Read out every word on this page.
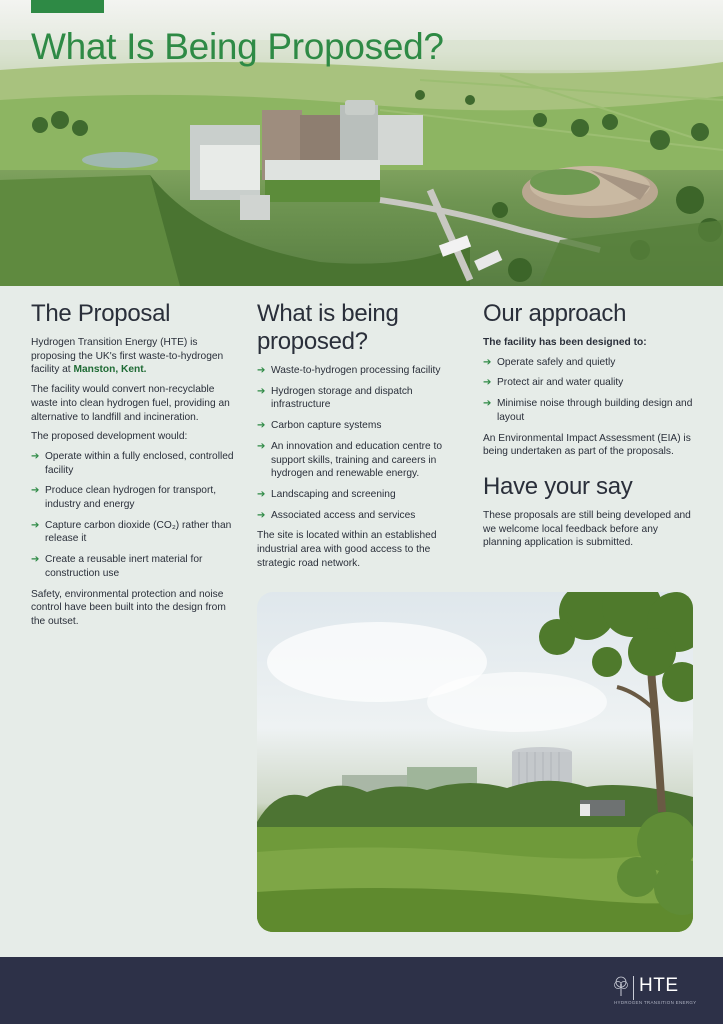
What Is Being Proposed?
The Proposal

Hydrogen Transition Energy (HTE) is proposing the UK's first waste-to-hydrogen facility at Manston, Kent.

The facility would convert non-recyclable waste into clean hydrogen fuel, providing an alternative to landfill and incineration.

The proposed development would:

➔ Operate within a fully enclosed, controlled facility
➔ Produce clean hydrogen for transport, industry and energy
➔ Capture carbon dioxide (CO₂) rather than release it
➔ Create a reusable inert material for construction use

Safety, environmental protection and noise control have been built into the design from the outset.

What is being proposed?
➔ Waste-to-hydrogen processing facility
➔ Hydrogen storage and dispatch infrastructure
➔ Carbon capture systems
➔ An innovation and education centre to support skills, training and careers in hydrogen and renewable energy.
➔ Landscaping and screening
➔ Associated access and services

The site is located within an established industrial area with good access to the strategic road network.

Our approach

The facility has been designed to:

➔ Operate safely and quietly
➔ Protect air and water quality
➔ Minimise noise through building design and layout

An Environmental Impact Assessment (EIA) is being undertaken as part of the proposals.

Have your say

These proposals are still being developed and we welcome local feedback before any planning application is submitted.

HTE
HYDROGEN TRANSITION ENERGY
